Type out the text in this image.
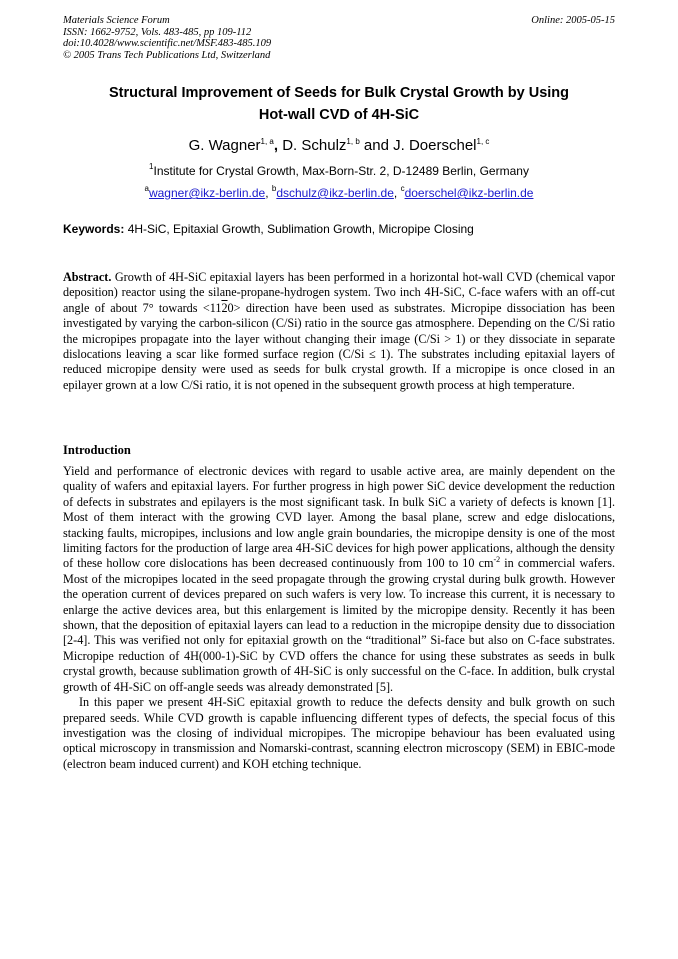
Materials Science Forum
ISSN: 1662-9752, Vols. 483-485, pp 109-112
doi:10.4028/www.scientific.net/MSF.483-485.109
© 2005 Trans Tech Publications Ltd, Switzerland
Online: 2005-05-15
Structural Improvement of Seeds for Bulk Crystal Growth by Using
Hot-wall CVD of 4H-SiC
G. Wagner$^{1, a}$, D. Schulz$^{1, b}$ and J. Doerschel$^{1, c}$
$^1$Institute for Crystal Growth, Max-Born-Str. 2, D-12489 Berlin, Germany
$^a$wagner@ikz-berlin.de, $^b$dschulz@ikz-berlin.de, $^c$doerschel@ikz-berlin.de
Keywords: 4H-SiC, Epitaxial Growth, Sublimation Growth, Micropipe Closing

Abstract. Growth of 4H-SiC epitaxial layers has been performed in a horizontal hot-wall CVD (chemical vapor deposition) reactor using the silane-propane-hydrogen system. Two inch 4H-SiC, C-face wafers with an off-cut angle of about 7° towards <1120> direction have been used as substrates. Micropipe dissociation has been investigated by varying the carbon-silicon (C/Si) ratio in the source gas atmosphere. Depending on the C/Si ratio the micropipes propagate into the layer without changing their image (C/Si > 1) or they dissociate in separate dislocations leaving a scar like formed surface region (C/Si ≤ 1). The substrates including epitaxial layers of reduced micropipe density were used as seeds for bulk crystal growth. If a micropipe is once closed in an epilayer grown at a low C/Si ratio, it is not opened in the subsequent growth process at high temperature.

Introduction

Yield and performance of electronic devices with regard to usable active area, are mainly dependent on the quality of wafers and epitaxial layers. For further progress in high power SiC device development the reduction of defects in substrates and epilayers is the most significant task. In bulk SiC a variety of defects is known [1]. Most of them interact with the growing CVD layer. Among the basal plane, screw and edge dislocations, stacking faults, micropipes, inclusions and low angle grain boundaries, the micropipe density is one of the most limiting factors for the production of large area 4H-SiC devices for high power applications, although the density of these hollow core dislocations has been decreased continuously from 100 to 10 $cm^{-2}$ in commercial wafers. Most of the micropipes located in the seed propagate through the growing crystal during bulk growth. However the operation current of devices prepared on such wafers is very low. To increase this current, it is necessary to enlarge the active devices area, but this enlargement is limited by the micropipe density. Recently it has been shown, that the deposition of epitaxial layers can lead to a reduction in the micropipe density due to dissociation [2-4]. This was verified not only for epitaxial growth on the “traditional” Si-face but also on C-face substrates. Micropipe reduction of 4H(000-1)-SiC by CVD offers the chance for using these substrates as seeds in bulk crystal growth, because sublimation growth of 4H-SiC is only successful on the C-face. In addition, bulk crystal growth of 4H-SiC on off-angle seeds was already demonstrated [5].

In this paper we present 4H-SiC epitaxial growth to reduce the defects density and bulk growth on such prepared seeds. While CVD growth is capable influencing different types of defects, the special focus of this investigation was the closing of individual micropipes. The micropipe behaviour has been evaluated using optical microscopy in transmission and Nomarski-contrast, scanning electron microscopy (SEM) in EBIC-mode (electron beam induced current) and KOH etching technique.
